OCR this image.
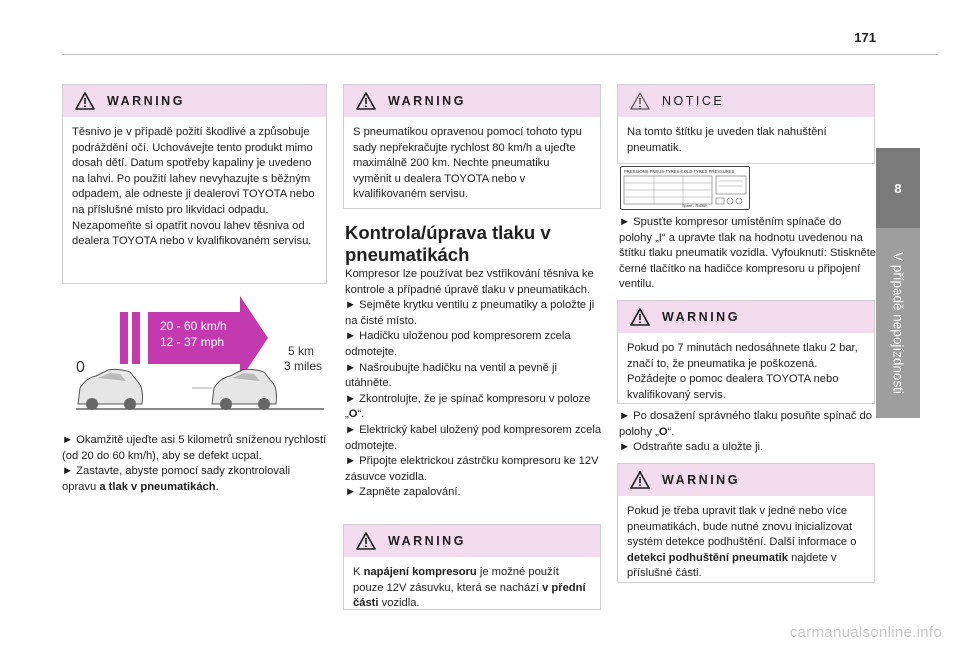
171
8
V případě nepojízdnosti
WARNING

Těsnivo je v případě požití škodlivé a způsobuje podráždění očí. Uchovávejte tento produkt mimo dosah dětí. Datum spotřeby kapaliny je uvedeno na lahvi. Po použití lahev nevyhazujte s běžným odpadem, ale odneste ji dealerovi TOYOTA nebo na příslušné místo pro likvidaci odpadu. Nezapomeňte si opatřit novou lahev těsniva od dealera TOYOTA nebo v kvalifikovaném servisu.

20 - 60 km/h
12 - 37 mph
0
5 km
3 miles

► Okamžitě ujeďte asi 5 kilometrů sníženou rychlostí (od 20 do 60 km/h), aby se defekt ucpal.

► Zastavte, abyste pomocí sady zkontrolovali opravu a tlak v pneumatikách.

WARNING

S pneumatikou opravenou pomocí tohoto typu sady nepřekračujte rychlost 80 km/h a ujeďte maximálně 200 km. Nechte pneumatiku vyměnit u dealera TOYOTA nebo v kvalifikovaném servisu.

Kontrola/úprava tlaku v pneumatikách

Kompresor lze používat bez vstřikování těsniva ke kontrole a případné úpravě tlaku v pneumatikách.

► Sejměte krytku ventilu z pneumatiky a položte ji na čisté místo.

► Hadičku uloženou pod kompresorem zcela odmotejte.

► Našroubujte hadičku na ventil a pevně ji utáhněte.

► Zkontrolujte, že je spínač kompresoru v poloze „O“.

► Elektrický kabel uložený pod kompresorem zcela odmotejte.

► Připojte elektrickou zástrčku kompresoru ke 12V zásuvce vozidla.

► Zapněte zapalování.

WARNING

K napájení kompresoru je možné použít pouze 12V zásuvku, která se nachází v přední části vozidla.

NOTICE

Na tomto štítku je uveden tlak nahuštění pneumatik.

PRESSIONS PNEUS-TYRES-COLD TYRES PRESSURES
Spare - Rollfüh

► Spusťte kompresor umístěním spínače do polohy „I“ a upravte tlak na hodnotu uvedenou na štítku tlaku pneumatik vozidla. Vyfouknutí: Stiskněte černé tlačítko na hadičce kompresoru u připojení ventilu.

WARNING

Pokud po 7 minutách nedosáhnete tlaku 2 bar, značí to, že pneumatika je poškozená. Požádejte o pomoc dealera TOYOTA nebo kvalifikovaný servis.

► Po dosažení správného tlaku posuňte spínač do polohy „O“.

► Odstraňte sadu a uložte ji.

WARNING

Pokud je třeba upravit tlak v jedné nebo více pneumatikách, bude nutné znovu inicializovat systém detekce podhuštění. Další informace o detekci podhuštění pneumatik najdete v příslušné části.

carmanualsonline.info
